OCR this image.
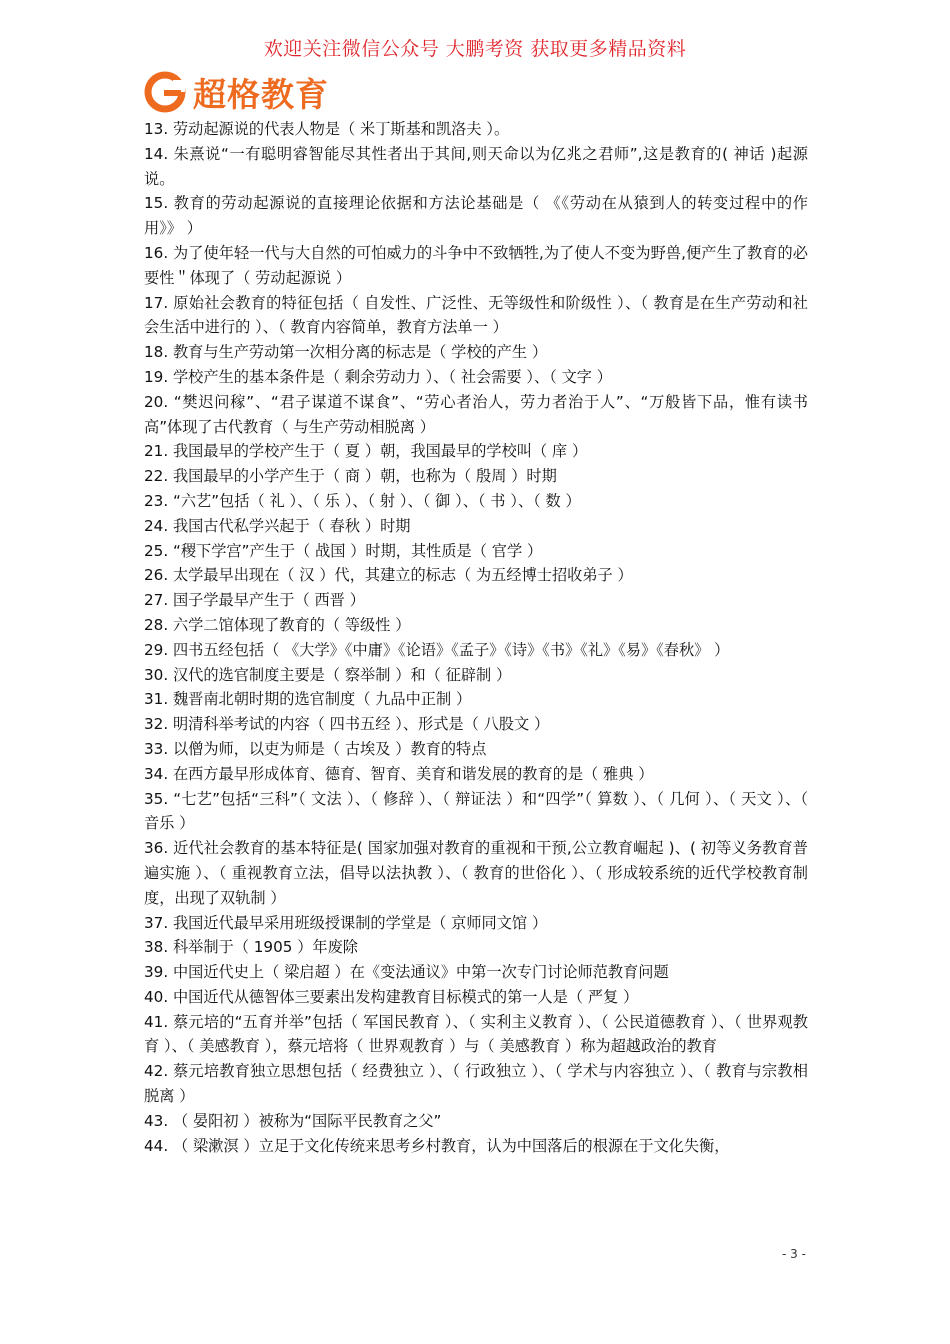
欢迎关注微信公众号 大鹏考资 获取更多精品资料
超格教育

13. 劳动起源说的代表人物是（ 米丁斯基和凯洛夫 ）。

14. 朱熹说“一有聪明睿智能尽其性者出于其间,则天命以为亿兆之君师”,这是教育的( 神话 )起源说。

15. 教育的劳动起源说的直接理论依据和方法论基础是（ 《《劳动在从猿到人的转变过程中的作用》》 ）

16. 为了使年轻一代与大自然的可怕威力的斗争中不致牺牲,为了使人不变为野兽,便产生了教育的必要性＂体现了（ 劳动起源说 ）

17. 原始社会教育的特征包括（ 自发性、广泛性、无等级性和阶级性 ）、（ 教育是在生产劳动和社会生活中进行的 ）、（ 教育内容简单，教育方法单一 ）

18. 教育与生产劳动第一次相分离的标志是（ 学校的产生 ）

19. 学校产生的基本条件是（ 剩余劳动力 ）、（ 社会需要 ）、（ 文字 ）

20. “樊迟问稼”、“君子谋道不谋食”、“劳心者治人，劳力者治于人”、“万般皆下品，惟有读书高”体现了古代教育（ 与生产劳动相脱离 ）

21. 我国最早的学校产生于（ 夏 ）朝，我国最早的学校叫（ 庠 ）

22. 我国最早的小学产生于（ 商 ）朝，也称为（ 殷周 ）时期

23. “六艺”包括（ 礼 ）、（ 乐 ）、（ 射 ）、（ 御 ）、（ 书 ）、（ 数 ）

24. 我国古代私学兴起于（ 春秋 ）时期

25. “稷下学宫”产生于（ 战国 ）时期，其性质是（ 官学 ）

26. 太学最早出现在（ 汉 ）代，其建立的标志（ 为五经博士招收弟子 ）

27. 国子学最早产生于（ 西晋 ）

28. 六学二馆体现了教育的（ 等级性 ）

29. 四书五经包括（ 《大学》《中庸》《论语》《孟子》《诗》《书》《礼》《易》《春秋》 ）

30. 汉代的选官制度主要是（ 察举制 ）和（ 征辟制 ）

31. 魏晋南北朝时期的选官制度（ 九品中正制 ）

32. 明清科举考试的内容（ 四书五经 ）、形式是（ 八股文 ）

33. 以僧为师，以吏为师是（ 古埃及 ）教育的特点

34. 在西方最早形成体育、德育、智育、美育和谐发展的教育的是（ 雅典 ）

35. “七艺”包括“三科”（ 文法 ）、（ 修辞 ）、（ 辩证法 ）和“四学”（ 算数 ）、（ 几何 ）、（ 天文 ）、（ 音乐 ）

36. 近代社会教育的基本特征是( 国家加强对教育的重视和干预,公立教育崛起 )、( 初等义务教育普遍实施 ）、（ 重视教育立法，倡导以法执教 ）、（ 教育的世俗化 ）、（ 形成较系统的近代学校教育制度，出现了双轨制 ）

37. 我国近代最早采用班级授课制的学堂是（ 京师同文馆 ）

38. 科举制于（ 1905 ）年废除

39. 中国近代史上（ 梁启超 ）在《变法通议》中第一次专门讨论师范教育问题

40. 中国近代从德智体三要素出发构建教育目标模式的第一人是（ 严复 ）

41. 蔡元培的“五育并举”包括（ 军国民教育 ）、（ 实利主义教育 ）、（ 公民道德教育 ）、（ 世界观教育 ）、（ 美感教育 ），蔡元培将（ 世界观教育 ）与（ 美感教育 ）称为超越政治的教育

42. 蔡元培教育独立思想包括（ 经费独立 ）、（ 行政独立 ）、（ 学术与内容独立 ）、（ 教育与宗教相脱离 ）

43. （ 晏阳初 ）被称为“国际平民教育之父”

44. （ 梁漱溟 ）立足于文化传统来思考乡村教育，认为中国落后的根源在于文化失衡，

- 3 -
